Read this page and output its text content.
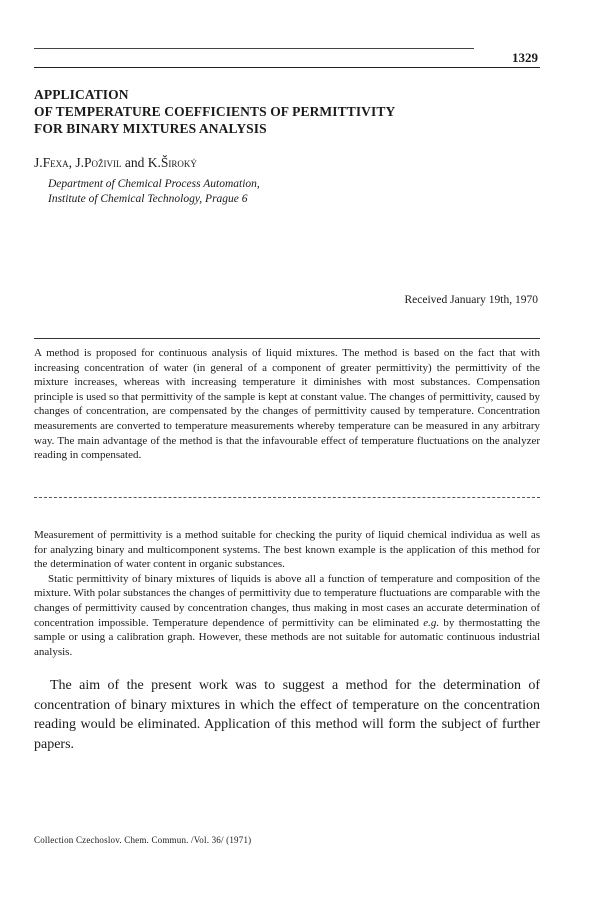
1329
APPLICATION
OF TEMPERATURE COEFFICIENTS OF PERMITTIVITY
FOR BINARY MIXTURES ANALYSIS
J.Fexa, J.Poživil and K.Široký
Department of Chemical Process Automation,
Institute of Chemical Technology, Prague 6
Received January 19th, 1970
A method is proposed for continuous analysis of liquid mixtures. The method is based on the fact that with increasing concentration of water (in general of a component of greater permittivity) the permittivity of the mixture increases, whereas with increasing temperature it diminishes with most substances. Compensation principle is used so that permittivity of the sample is kept at constant value. The changes of permittivity, caused by changes of concentration, are compensated by the changes of permittivity caused by temperature. Concentration measurements are converted to temperature measurements whereby temperature can be measured in any arbitrary way. The main advantage of the method is that the infavourable effect of temperature fluctuations on the analyzer reading in compensated.

Measurement of permittivity is a method suitable for checking the purity of liquid chemical individua as well as for analyzing binary and multicomponent systems. The best known example is the application of this method for the determination of water content in organic substances.

Static permittivity of binary mixtures of liquids is above all a function of temperature and composition of the mixture. With polar substances the changes of permittivity due to temperature fluctuations are comparable with the changes of permittivity caused by concentration changes, thus making in most cases an accurate determination of concentration impossible. Temperature dependence of permittivity can be eliminated e.g. by thermostatting the sample or using a calibration graph. However, these methods are not suitable for automatic continuous industrial analysis.

The aim of the present work was to suggest a method for the determination of concentration of binary mixtures in which the effect of temperature on the concentration reading would be eliminated. Application of this method will form the subject of further papers.
Collection Czechoslov. Chem. Commun. /Vol. 36/ (1971)
